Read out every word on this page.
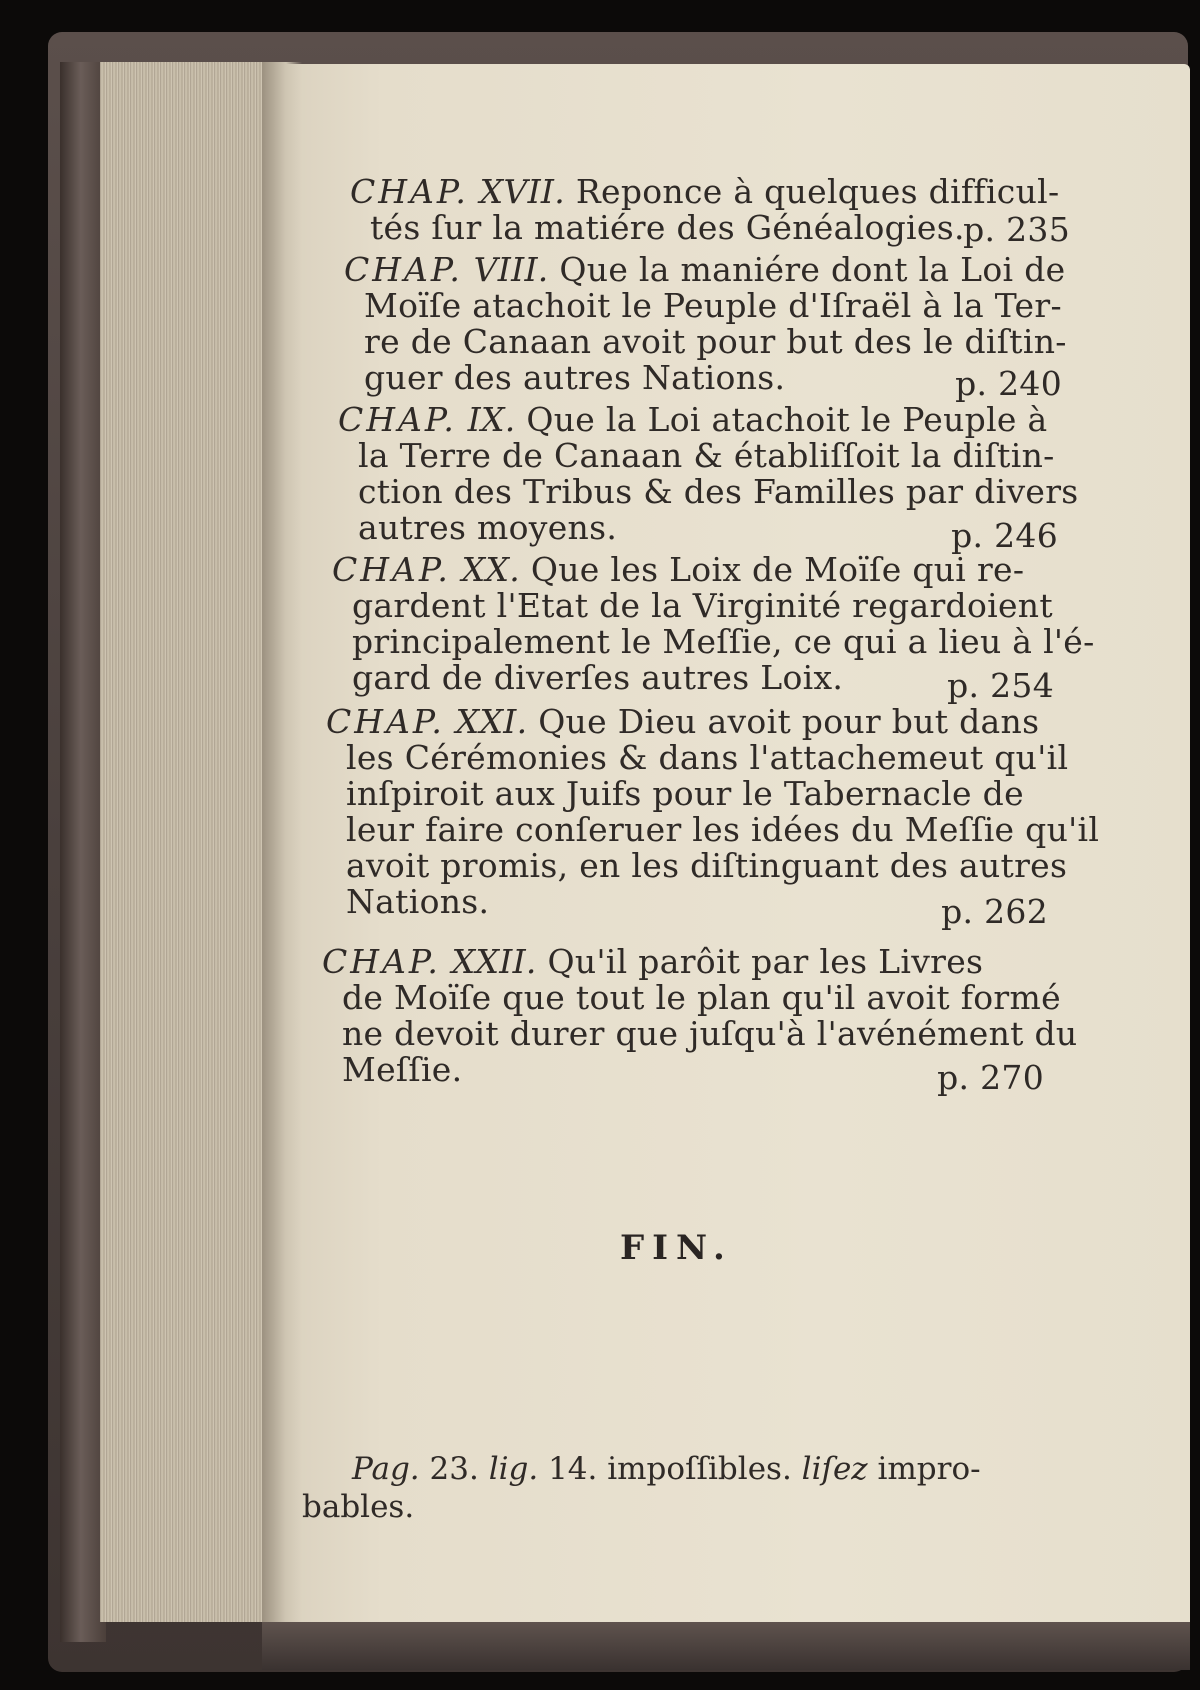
CHAP. XVII. Reponce à quelques difficul-
tés ſur la matiére des Généalogies.
p. 235
CHAP. VIII. Que la maniére dont la Loi de
Moïſe atachoit le Peuple d'Iſraël à la Ter-
re de Canaan avoit pour but des le diſtin-
guer des autres Nations.	p. 240
CHAP. IX. Que la Loi atachoit le Peuple à
la Terre de Canaan & établiſſoit la diſtin-
ction des Tribus & des Familles par divers
autres moyens.	p. 246
CHAP. XX. Que les Loix de Moïſe qui re-
gardent l'Etat de la Virginité regardoient
principalement le Meſſie, ce qui a lieu à l'é-
gard de diverſes autres Loix.	p. 254
CHAP. XXI. Que Dieu avoit pour but dans
les Cérémonies & dans l'attachemeut qu'il
inſpiroit aux Juifs pour le Tabernacle de
leur faire conſeruer les idées du Meſſie qu'il
avoit promis, en les diſtinguant des autres
Nations.	p. 262
CHAP. XXII. Qu'il parôit par les Livres
de Moïſe que tout le plan qu'il avoit formé
ne devoit durer que juſqu'à l'avénément du
Meſſie.	p. 270
FIN.
Pag. 23. lig. 14. impoſſibles. liſez impro-
bables.
